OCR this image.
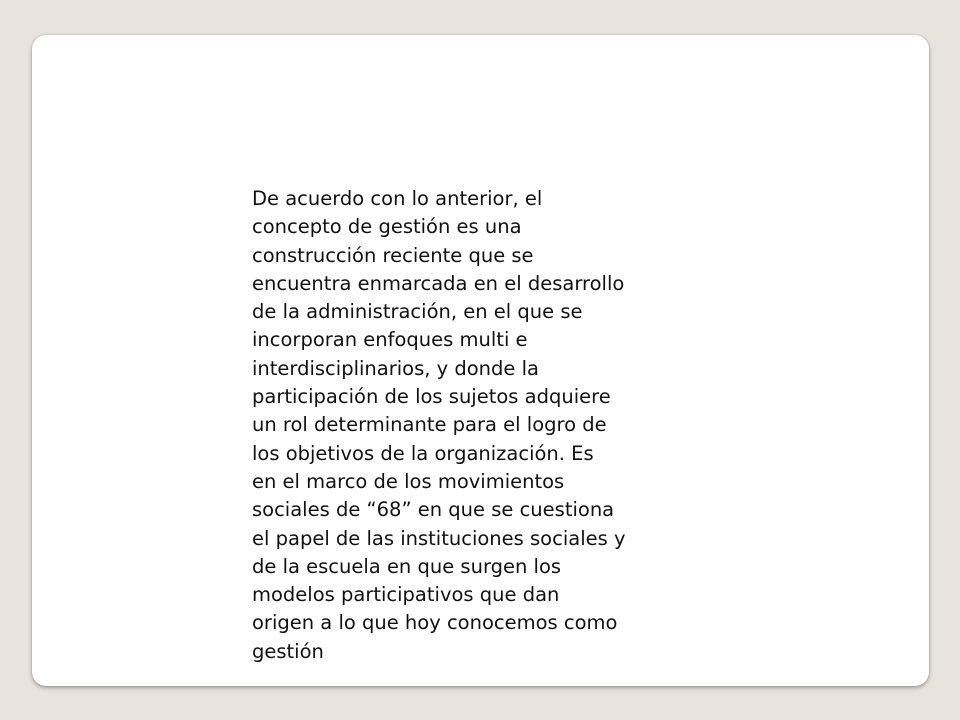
De acuerdo con lo anterior, el
concepto de gestión es una
construcción reciente que se
encuentra enmarcada en el desarrollo
de la administración, en el que se
incorporan enfoques multi e
interdisciplinarios, y donde la
participación de los sujetos adquiere
un rol determinante para el logro de
los objetivos de la organización. Es
en el marco de los movimientos
sociales de “68” en que se cuestiona
el papel de las instituciones sociales y
de la escuela en que surgen los
modelos participativos que dan
origen a lo que hoy conocemos como
gestión
